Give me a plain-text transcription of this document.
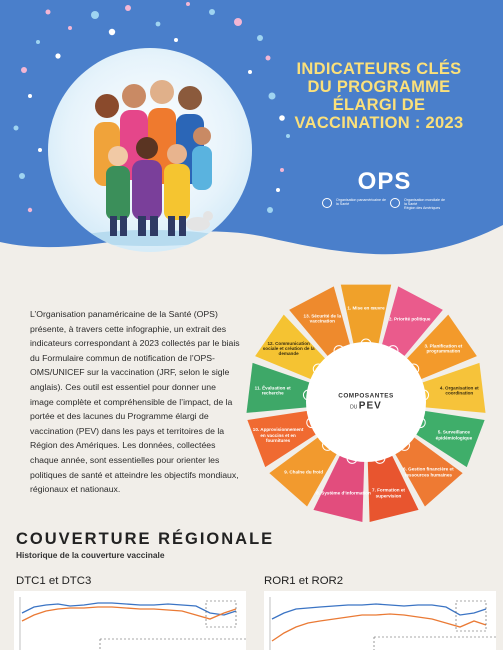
INDICATEURS CLÉS
DU PROGRAMME
ÉLARGI DE
VACCINATION : 2023
OPS
Organisation panaméricaine de la Santé
Organisation mondiale de la Santé
Région des Amériques

L’Organisation panaméricaine de la Santé (OPS) présente, à travers cette infographie, un extrait des indicateurs correspondant à 2023 collectés par le biais du Formulaire commun de notification de l’OPS-OMS/UNICEF sur la vaccination (JRF, selon le sigle anglais). Ces outil est essentiel pour donner une image complète et compréhensible de l’impact, de la portée et des lacunes du Programme élargi de vaccination (PEV) dans les pays et territoires de la Région des Amériques. Les données, collectées chaque année, sont essentielles pour orienter les politiques de santé et atteindre les objectifs mondiaux, régionaux et nationaux.

1. Mise en œuvre
2. Priorité politique
3. Planification et programmation
4. Organisation et coordination
5. Surveillance épidémiologique
6. Gestion financière et ressources humaines
7. Formation et supervision
8. Système d’information
9. Chaîne du froid
10. Approvisionnement en vaccins et en fournitures
11. Évaluation et recherche
12. Communication sociale et création de la demande
13. Sécurité de la vaccination
COMPOSANTES
DU PEV
COUVERTURE RÉGIONALE
Historique de la couverture vaccinale
DTC1 et DTC3	ROR1 et ROR2
